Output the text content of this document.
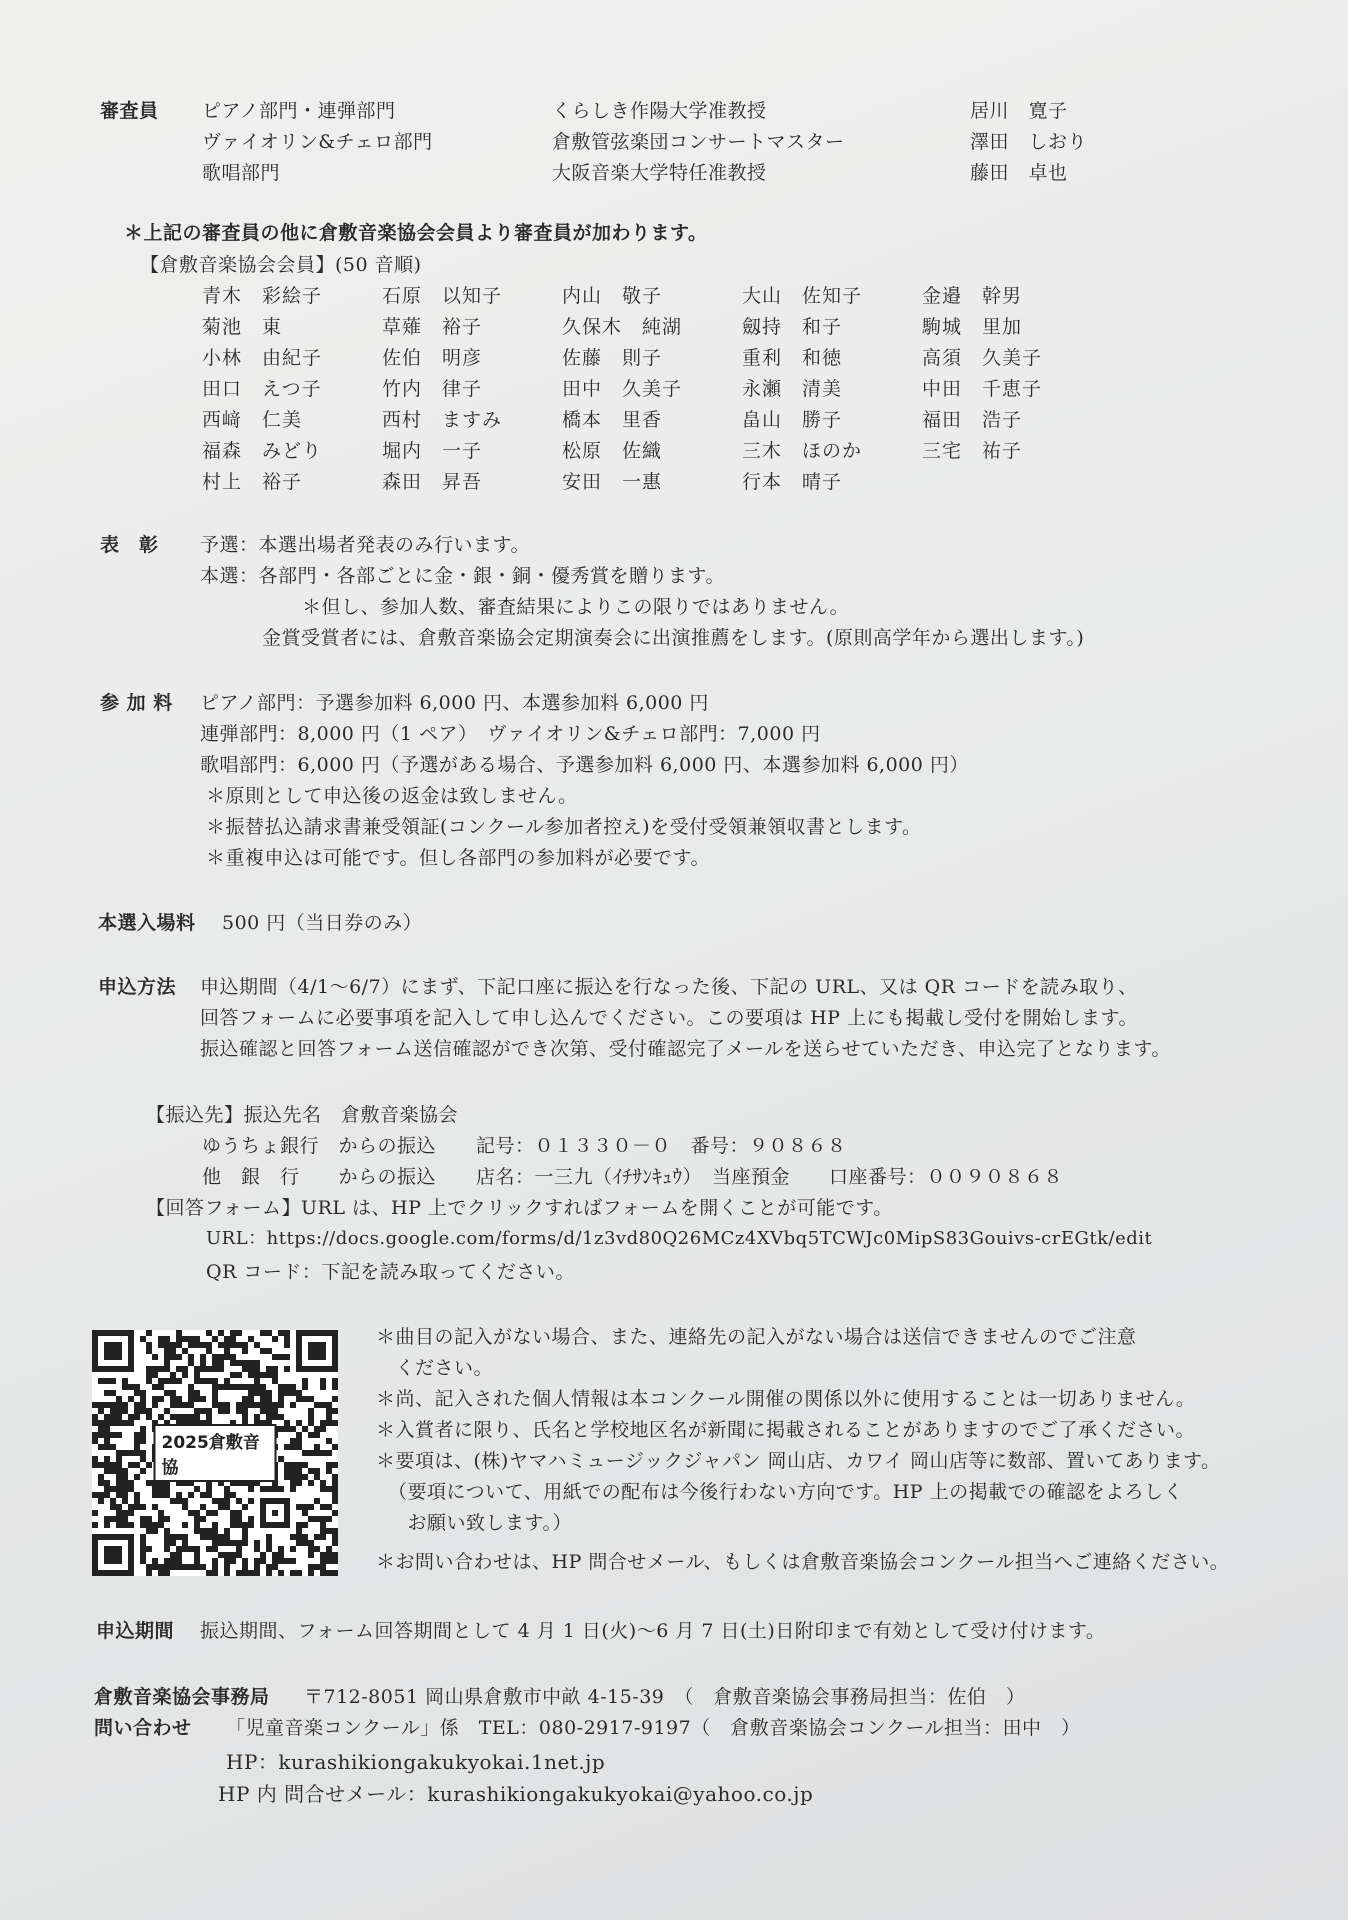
審査員 ピアノ部門・連弾部門	くらしき作陽大学准教授	居川　寛子
ヴァイオリン&チェロ部門	倉敷管弦楽団コンサートマスター	澤田　しおり
歌唱部門	大阪音楽大学特任准教授	藤田　卓也
＊上記の審査員の他に倉敷音楽協会会員より審査員が加わります。
【倉敷音楽協会会員】(50 音順)
青木　彩絵子	石原　以知子	内山　敬子	大山　佐知子	金邉　幹男
菊池　東	草薙　裕子	久保木　純湖	劔持　和子	駒城　里加
小林　由紀子	佐伯　明彦	佐藤　則子	重利　和徳	高須　久美子
田口　えつ子	竹内　律子	田中　久美子	永瀬　清美	中田　千恵子
西﨑　仁美	西村　ますみ	橋本　里香	畠山　勝子	福田　浩子
福森　みどり	堀内　一子	松原　佐織	三木　ほのか	三宅　祐子
村上　裕子	森田　昇吾	安田　一惠	行本　晴子
表　彰 予選：本選出場者発表のみ行います。
本選：各部門・各部ごとに金・銀・銅・優秀賞を贈ります。
＊但し、参加人数、審査結果によりこの限りではありません。
金賞受賞者には、倉敷音楽協会定期演奏会に出演推薦をします。(原則高学年から選出します。)
参 加 料 ピアノ部門：予選参加料 6,000 円、本選参加料 6,000 円
連弾部門：8,000 円（1 ペア）　ヴァイオリン&チェロ部門：7,000 円
歌唱部門：6,000 円（予選がある場合、予選参加料 6,000 円、本選参加料 6,000 円）
＊原則として申込後の返金は致しません。
＊振替払込請求書兼受領証(コンクール参加者控え)を受付受領兼領収書とします。
＊重複申込は可能です。但し各部門の参加料が必要です。
本選入場料 500 円（当日券のみ）
申込方法 申込期間（4/1～6/7）にまず、下記口座に振込を行なった後、下記の URL、又は QR コードを読み取り、
回答フォームに必要事項を記入して申し込んでください。この要項は HP 上にも掲載し受付を開始します。
振込確認と回答フォーム送信確認ができ次第、受付確認完了メールを送らせていただき、申込完了となります。
【振込先】振込先名　倉敷音楽協会
ゆうちょ銀行　からの振込 記号：０１３３０－０　番号：９０８６８
他　銀　行　　からの振込 店名：一三九（ｲﾁｻﾝｷｭｳ）　当座預金　　口座番号：００９０８６８
【回答フォーム】URL は、HP 上でクリックすればフォームを開くことが可能です。
URL：https://docs.google.com/forms/d/1z3vd80Q26MCz4XVbq5TCWJc0MipS83Gouivs-crEGtk/edit
QR コード：下記を読み取ってください。
2025倉敷音協
＊曲目の記入がない場合、また、連絡先の記入がない場合は送信できませんのでご注意
　ください。
＊尚、記入された個人情報は本コンクール開催の関係以外に使用することは一切ありません。
＊入賞者に限り、氏名と学校地区名が新聞に掲載されることがありますのでご了承ください。
＊要項は、(株)ヤマハミュージックジャパン 岡山店、カワイ 岡山店等に数部、置いてあります。
（要項について、用紙での配布は今後行わない方向です。HP 上の掲載での確認をよろしく
　お願い致します。）
＊お問い合わせは、HP 問合せメール、もしくは倉敷音楽協会コンクール担当へご連絡ください。
申込期間 振込期間、フォーム回答期間として 4 月 1 日(火)～6 月 7 日(土)日附印まで有効として受け付けます。
倉敷音楽協会事務局 〒712-8051 岡山県倉敷市中畝 4-15-39　（　倉敷音楽協会事務局担当：佐伯　）
問い合わせ 「児童音楽コンクール」係　TEL：080-2917-9197（　倉敷音楽協会コンクール担当：田中　）
HP：kurashikiongakukyokai.1net.jp
HP 内 問合せメール：kurashikiongakukyokai@yahoo.co.jp
